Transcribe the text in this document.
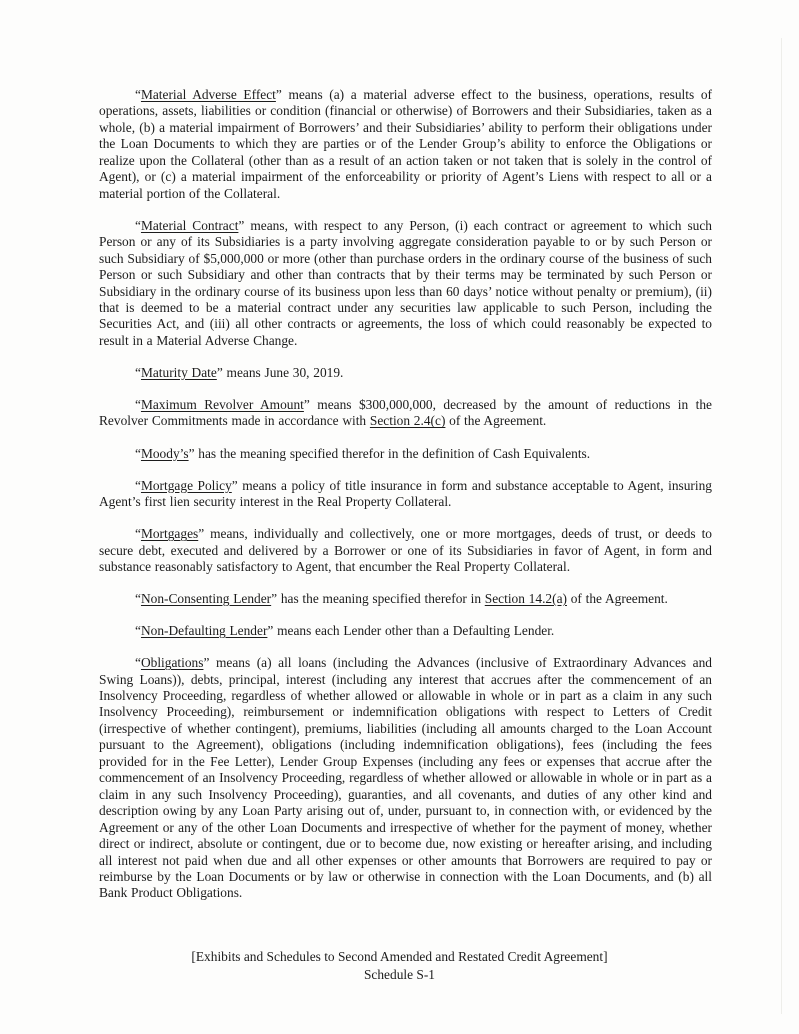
“Material Adverse Effect” means (a) a material adverse effect to the business, operations, results of operations, assets, liabilities or condition (financial or otherwise) of Borrowers and their Subsidiaries, taken as a whole, (b) a material impairment of Borrowers’ and their Subsidiaries’ ability to perform their obligations under the Loan Documents to which they are parties or of the Lender Group’s ability to enforce the Obligations or realize upon the Collateral (other than as a result of an action taken or not taken that is solely in the control of Agent), or (c) a material impairment of the enforceability or priority of Agent’s Liens with respect to all or a material portion of the Collateral.

“Material Contract” means, with respect to any Person, (i) each contract or agreement to which such Person or any of its Subsidiaries is a party involving aggregate consideration payable to or by such Person or such Subsidiary of $5,000,000 or more (other than purchase orders in the ordinary course of the business of such Person or such Subsidiary and other than contracts that by their terms may be terminated by such Person or Subsidiary in the ordinary course of its business upon less than 60 days’ notice without penalty or premium), (ii) that is deemed to be a material contract under any securities law applicable to such Person, including the Securities Act, and (iii) all other contracts or agreements, the loss of which could reasonably be expected to result in a Material Adverse Change.

“Maturity Date” means June 30, 2019.

“Maximum Revolver Amount” means $300,000,000, decreased by the amount of reductions in the Revolver Commitments made in accordance with Section 2.4(c) of the Agreement.

“Moody’s” has the meaning specified therefor in the definition of Cash Equivalents.

“Mortgage Policy” means a policy of title insurance in form and substance acceptable to Agent, insuring Agent’s first lien security interest in the Real Property Collateral.

“Mortgages” means, individually and collectively, one or more mortgages, deeds of trust, or deeds to secure debt, executed and delivered by a Borrower or one of its Subsidiaries in favor of Agent, in form and substance reasonably satisfactory to Agent, that encumber the Real Property Collateral.

“Non-Consenting Lender” has the meaning specified therefor in Section 14.2(a) of the Agreement.

“Non-Defaulting Lender” means each Lender other than a Defaulting Lender.

“Obligations” means (a) all loans (including the Advances (inclusive of Extraordinary Advances and Swing Loans)), debts, principal, interest (including any interest that accrues after the commencement of an Insolvency Proceeding, regardless of whether allowed or allowable in whole or in part as a claim in any such Insolvency Proceeding), reimbursement or indemnification obligations with respect to Letters of Credit (irrespective of whether contingent), premiums, liabilities (including all amounts charged to the Loan Account pursuant to the Agreement), obligations (including indemnification obligations), fees (including the fees provided for in the Fee Letter), Lender Group Expenses (including any fees or expenses that accrue after the commencement of an Insolvency Proceeding, regardless of whether allowed or allowable in whole or in part as a claim in any such Insolvency Proceeding), guaranties, and all covenants, and duties of any other kind and description owing by any Loan Party arising out of, under, pursuant to, in connection with, or evidenced by the Agreement or any of the other Loan Documents and irrespective of whether for the payment of money, whether direct or indirect, absolute or contingent, due or to become due, now existing or hereafter arising, and including all interest not paid when due and all other expenses or other amounts that Borrowers are required to pay or reimburse by the Loan Documents or by law or otherwise in connection with the Loan Documents, and (b) all Bank Product Obligations.

[Exhibits and Schedules to Second Amended and Restated Credit Agreement]
Schedule S-1
